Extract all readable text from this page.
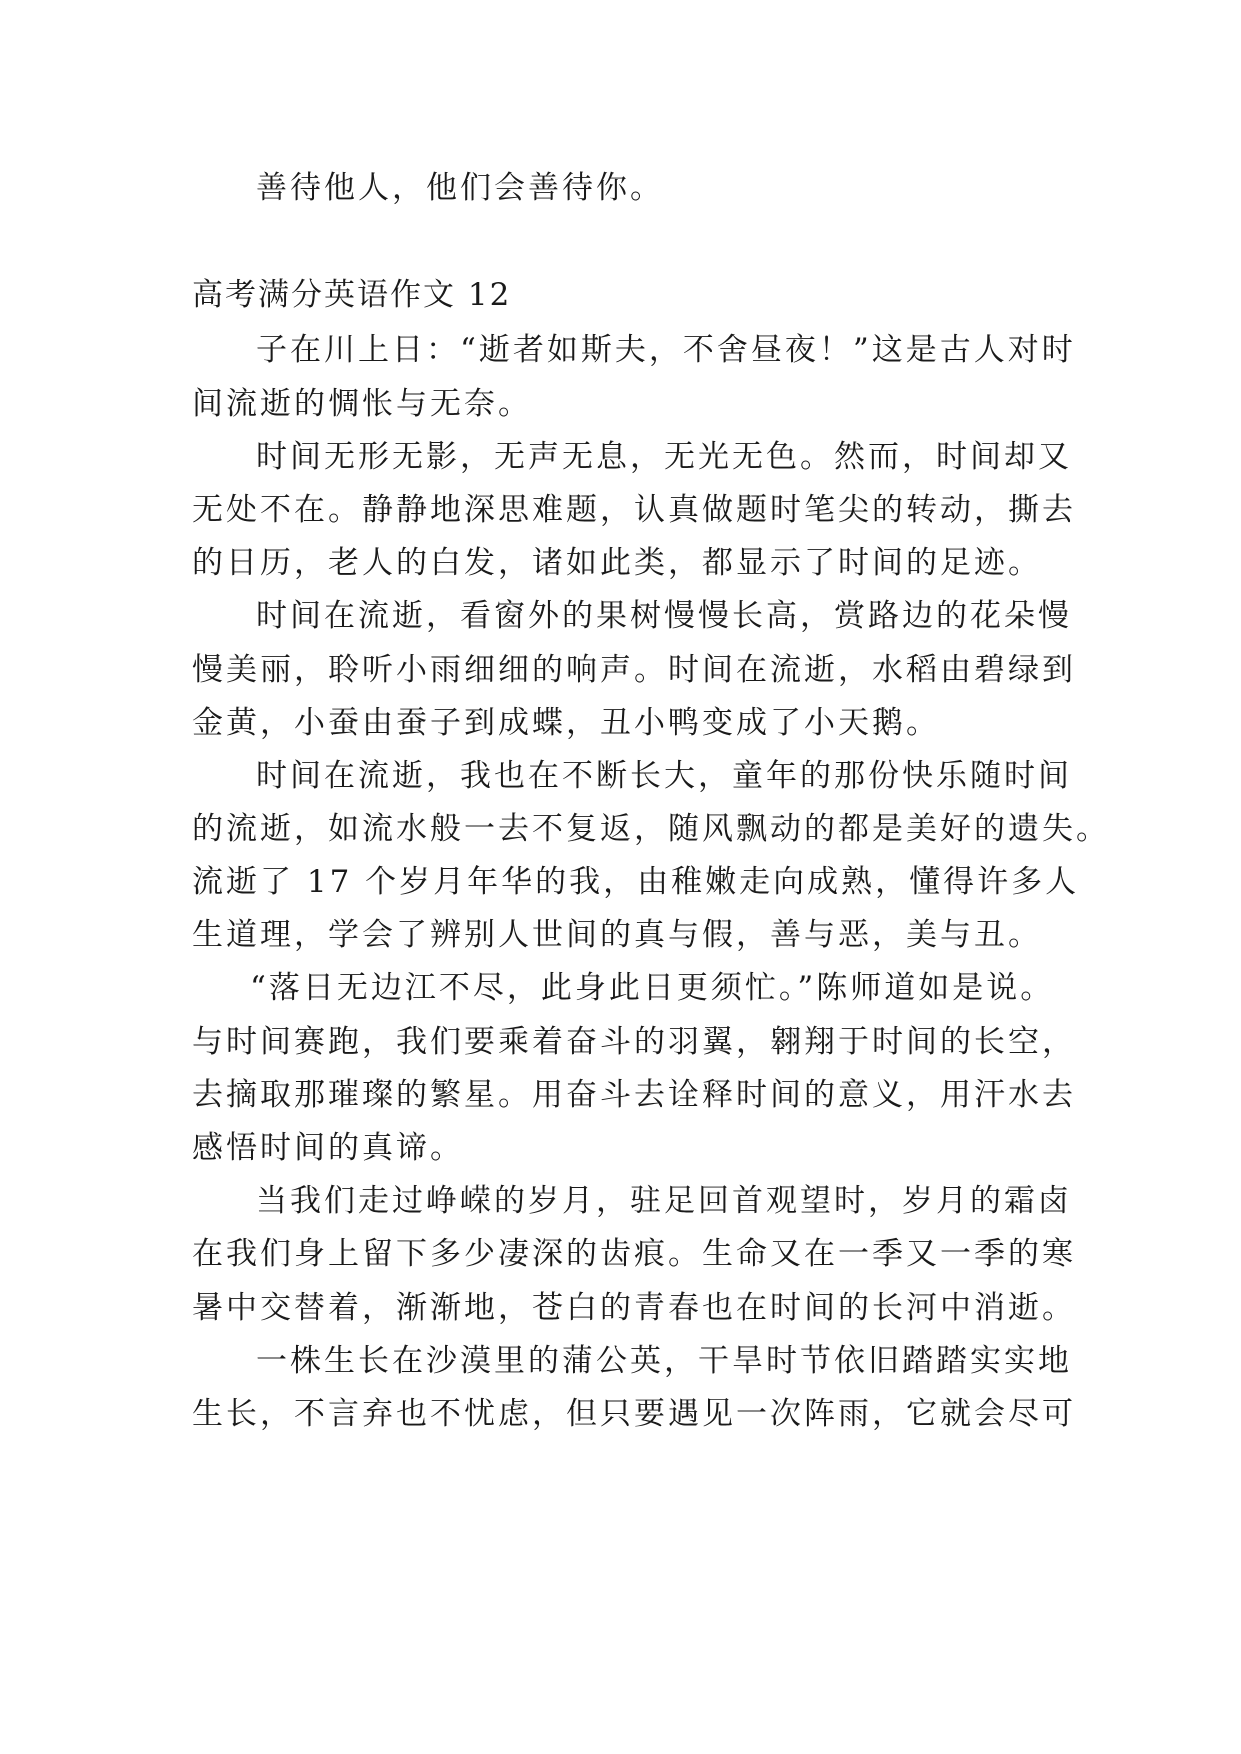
善待他人，他们会善待你。
高考满分英语作文 12
子在川上日：“逝者如斯夫，不舍昼夜！”这是古人对时
间流逝的惆怅与无奈。
时间无形无影，无声无息，无光无色。然而，时间却又
无处不在。静静地深思难题，认真做题时笔尖的转动，撕去
的日历，老人的白发，诸如此类，都显示了时间的足迹。
时间在流逝，看窗外的果树慢慢长高，赏路边的花朵慢
慢美丽，聆听小雨细细的响声。时间在流逝，水稻由碧绿到
金黄，小蚕由蚕子到成蝶，丑小鸭变成了小天鹅。
时间在流逝，我也在不断长大，童年的那份快乐随时间
的流逝，如流水般一去不复返，随风飘动的都是美好的遗失。
流逝了 17 个岁月年华的我，由稚嫩走向成熟，懂得许多人
生道理，学会了辨别人世间的真与假，善与恶，美与丑。
“落日无边江不尽，此身此日更须忙。”陈师道如是说。
与时间赛跑，我们要乘着奋斗的羽翼，翱翔于时间的长空，
去摘取那璀璨的繁星。用奋斗去诠释时间的意义，用汗水去
感悟时间的真谛。
当我们走过峥嵘的岁月，驻足回首观望时，岁月的霜卤
在我们身上留下多少凄深的齿痕。生命又在一季又一季的寒
暑中交替着，渐渐地，苍白的青春也在时间的长河中消逝。
一株生长在沙漠里的蒲公英，干旱时节依旧踏踏实实地
生长，不言弃也不忧虑，但只要遇见一次阵雨，它就会尽可
